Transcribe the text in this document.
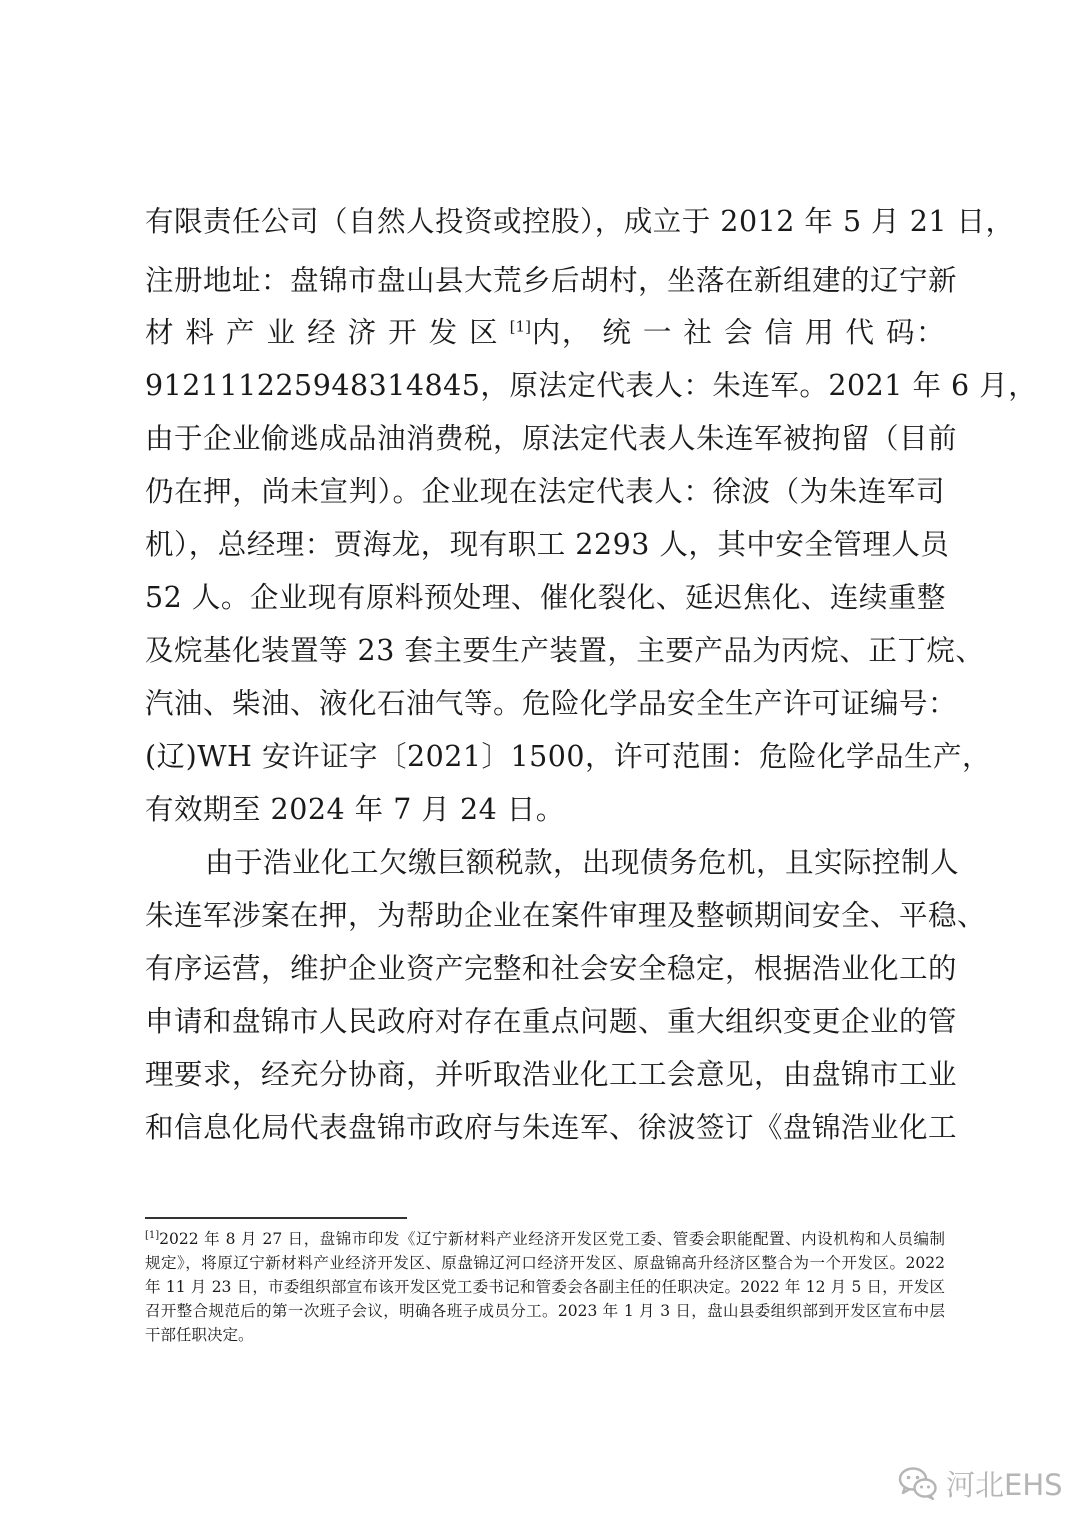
有限责任公司（自然人投资或控股），成立于 2012 年 5 月 21 日，
注册地址：盘锦市盘山县大荒乡后胡村，坐落在新组建的辽宁新
材 料 产 业 经 济 开 发 区 [1]内， 统 一 社 会 信 用 代 码：
912111225948314845，原法定代表人：朱连军。2021 年 6 月，
由于企业偷逃成品油消费税，原法定代表人朱连军被拘留（目前
仍在押，尚未宣判）。企业现在法定代表人：徐波（为朱连军司
机），总经理：贾海龙，现有职工 2293 人，其中安全管理人员
52 人。企业现有原料预处理、催化裂化、延迟焦化、连续重整
及烷基化装置等 23 套主要生产装置，主要产品为丙烷、正丁烷、
汽油、柴油、液化石油气等。危险化学品安全生产许可证编号：
(辽)WH 安许证字〔2021〕1500，许可范围：危险化学品生产，
有效期至 2024 年 7 月 24 日。
由于浩业化工欠缴巨额税款，出现债务危机，且实际控制人
朱连军涉案在押，为帮助企业在案件审理及整顿期间安全、平稳、
有序运营，维护企业资产完整和社会安全稳定，根据浩业化工的
申请和盘锦市人民政府对存在重点问题、重大组织变更企业的管
理要求，经充分协商，并听取浩业化工工会意见，由盘锦市工业
和信息化局代表盘锦市政府与朱连军、徐波签订《盘锦浩业化工
[1]2022 年 8 月 27 日，盘锦市印发《辽宁新材料产业经济开发区党工委、管委会职能配置、内设机构和人员编制
规定》，将原辽宁新材料产业经济开发区、原盘锦辽河口经济开发区、原盘锦高升经济区整合为一个开发区。2022
年 11 月 23 日，市委组织部宣布该开发区党工委书记和管委会各副主任的任职决定。2022 年 12 月 5 日，开发区
召开整合规范后的第一次班子会议，明确各班子成员分工。2023 年 1 月 3 日，盘山县委组织部到开发区宣布中层
干部任职决定。
河北EHS
